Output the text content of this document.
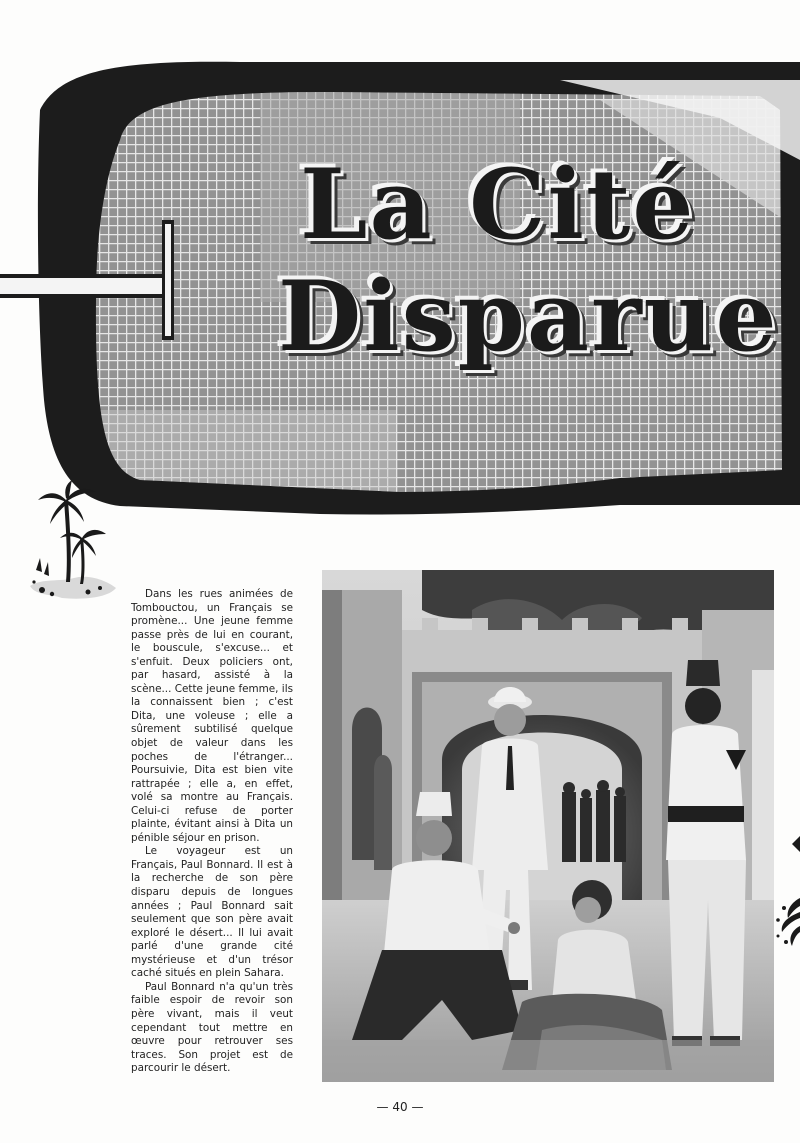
La Cité
Disparue

Dans les rues animées de Tombouctou, un Français se promène... Une jeune femme passe près de lui en courant, le bouscule, s'excuse... et s'enfuit. Deux policiers ont, par hasard, assisté à la scène... Cette jeune femme, ils la connaissent bien ; c'est Dita, une voleuse ; elle a sûrement subtilisé quelque objet de valeur dans les poches de l'étranger... Poursuivie, Dita est bien vite rattrapée ; elle a, en effet, volé sa montre au Français. Celui-ci refuse de porter plainte, évitant ainsi à Dita un pénible séjour en prison.

Le voyageur est un Français, Paul Bonnard. Il est à la recherche de son père disparu depuis de longues années ; Paul Bonnard sait seulement que son père avait exploré le désert... Il lui avait parlé d'une grande cité mystérieuse et d'un trésor caché situés en plein Sahara.

Paul Bonnard n'a qu'un très faible espoir de revoir son père vivant, mais il veut cependant tout mettre en œuvre pour retrouver ses traces. Son projet est de parcourir le désert.

— 40 —
